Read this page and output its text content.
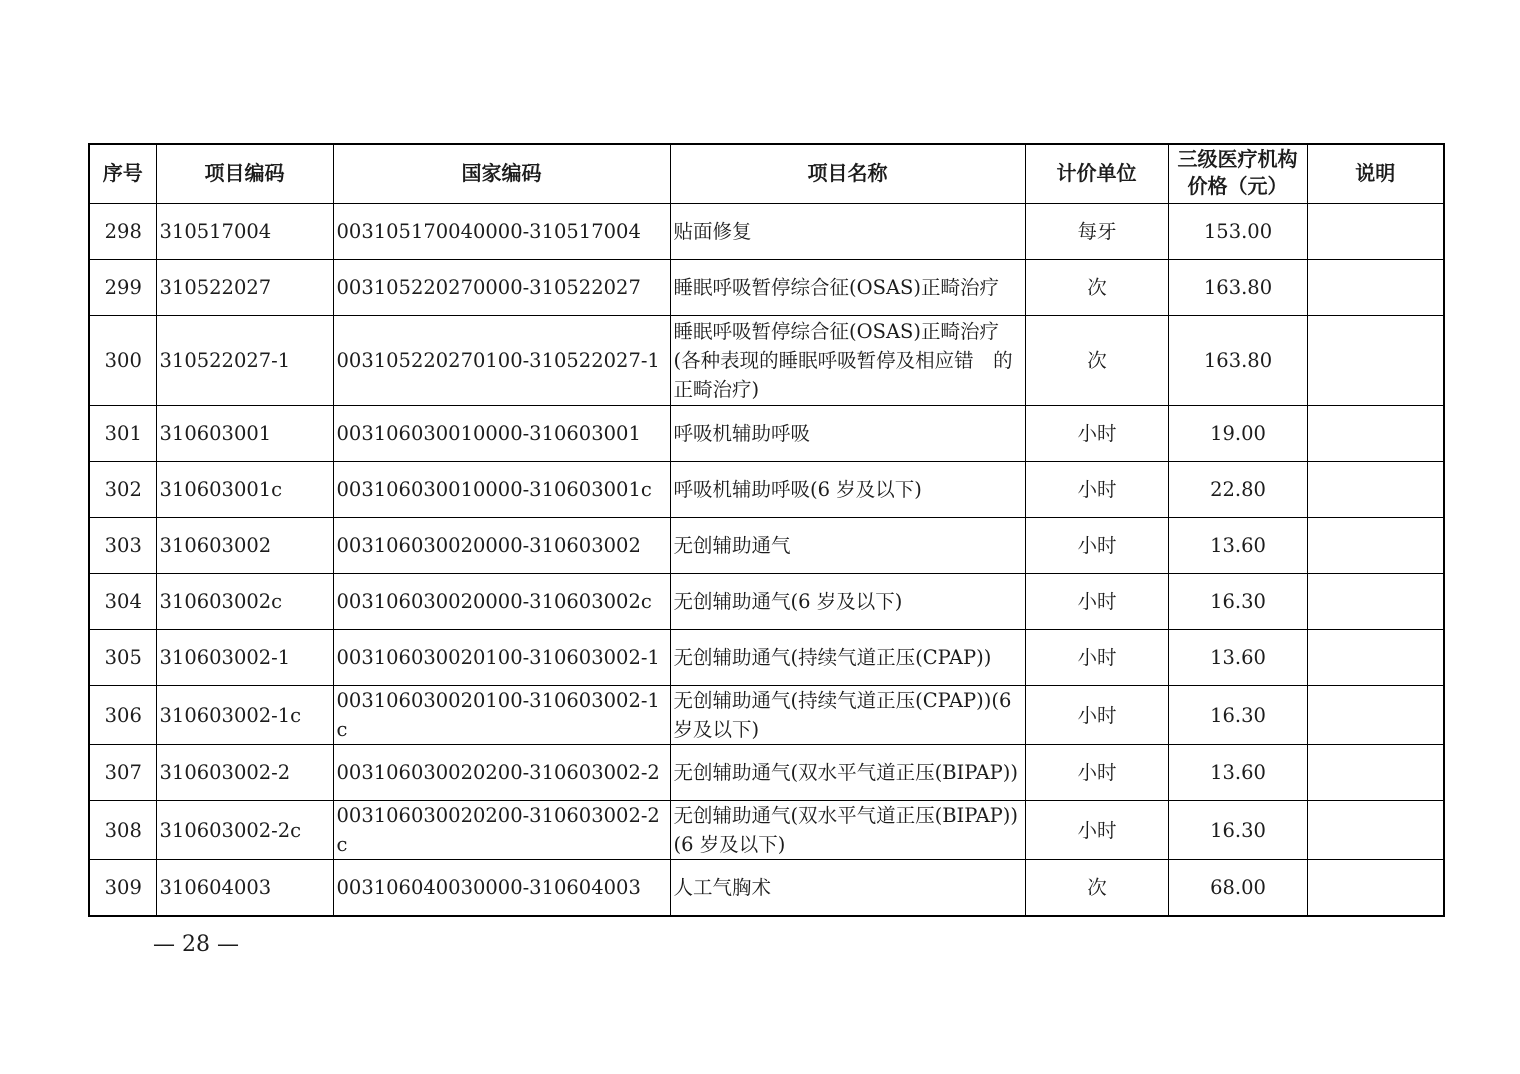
序号	项目编码	国家编码	项目名称	计价单位	三级医疗机构价格（元）	说明
298	310517004	003105170040000-310517004	贴面修复	每牙	153.00	
299	310522027	003105220270000-310522027	睡眠呼吸暂停综合征(OSAS)正畸治疗	次	163.80	
300	310522027-1	003105220270100-310522027-1	睡眠呼吸暂停综合征(OSAS)正畸治疗(各种表现的睡眠呼吸暂停及相应错　的正畸治疗)	次	163.80	
301	310603001	003106030010000-310603001	呼吸机辅助呼吸	小时	19.00	
302	310603001c	003106030010000-310603001c	呼吸机辅助呼吸(6 岁及以下)	小时	22.80	
303	310603002	003106030020000-310603002	无创辅助通气	小时	13.60	
304	310603002c	003106030020000-310603002c	无创辅助通气(6 岁及以下)	小时	16.30	
305	310603002-1	003106030020100-310603002-1	无创辅助通气(持续气道正压(CPAP))	小时	13.60	
306	310603002-1c	003106030020100-310603002-1c	无创辅助通气(持续气道正压(CPAP))(6 岁及以下)	小时	16.30	
307	310603002-2	003106030020200-310603002-2	无创辅助通气(双水平气道正压(BIPAP))	小时	13.60	
308	310603002-2c	003106030020200-310603002-2c	无创辅助通气(双水平气道正压(BIPAP))(6 岁及以下)	小时	16.30	
309	310604003	003106040030000-310604003	人工气胸术	次	68.00	
— 28 —
